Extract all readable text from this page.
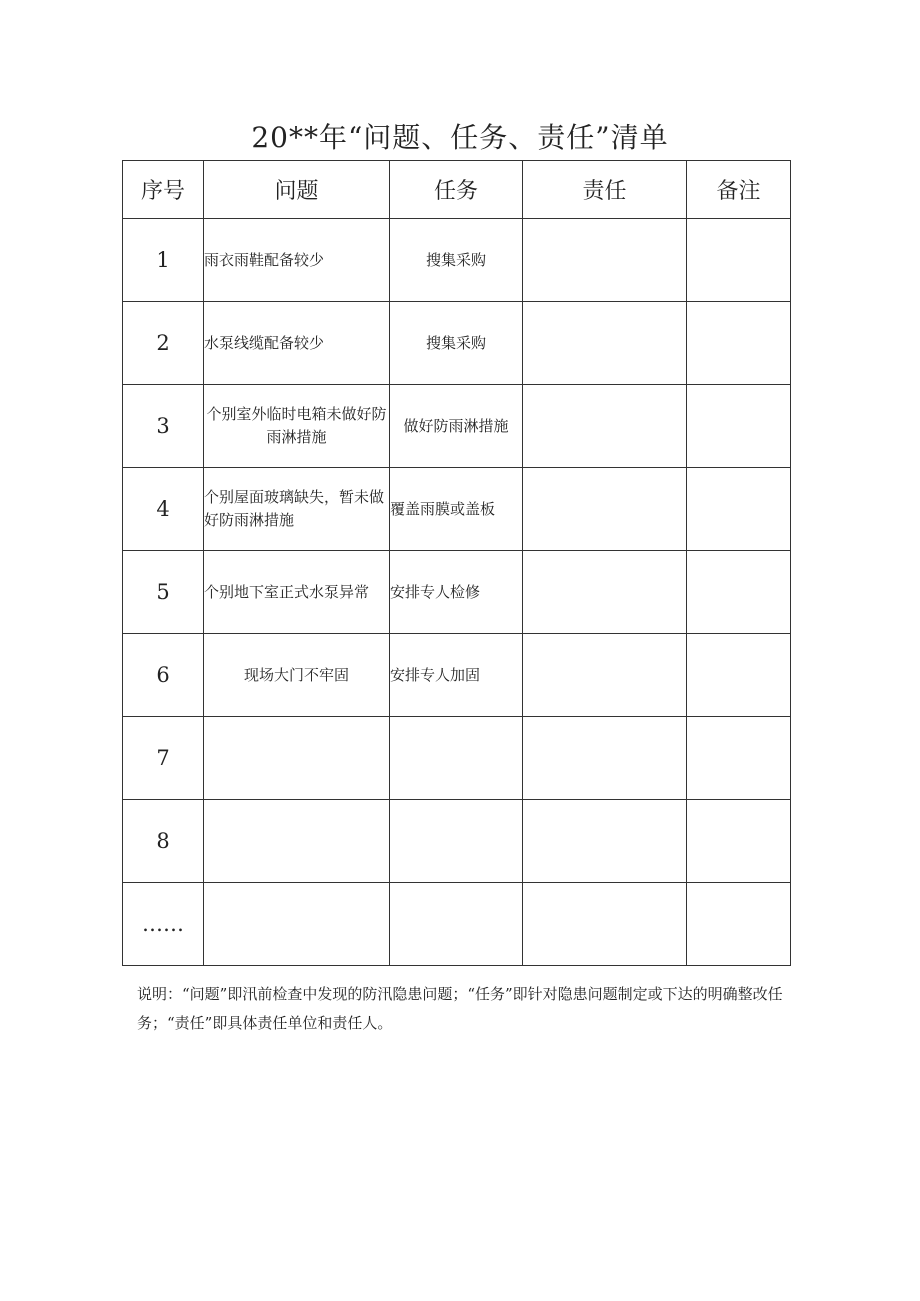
20**年“问题、任务、责任”清单
序号	问题	任务	责任	备注
1	雨衣雨鞋配备较少	搜集采购		
2	水泵线缆配备较少	搜集采购		
3	个别室外临时电箱未做好防雨淋措施	做好防雨淋措施		
4	个别屋面玻璃缺失，暂未做好防雨淋措施	覆盖雨膜或盖板		
5	个别地下室正式水泵异常	安排专人检修		
6	现场大门不牢固	安排专人加固		
7				
8				
……				
说明：“问题”即汛前检查中发现的防汛隐患问题；“任务”即针对隐患问题制定或下达的明确整改任务；“责任”即具体责任单位和责任人。
